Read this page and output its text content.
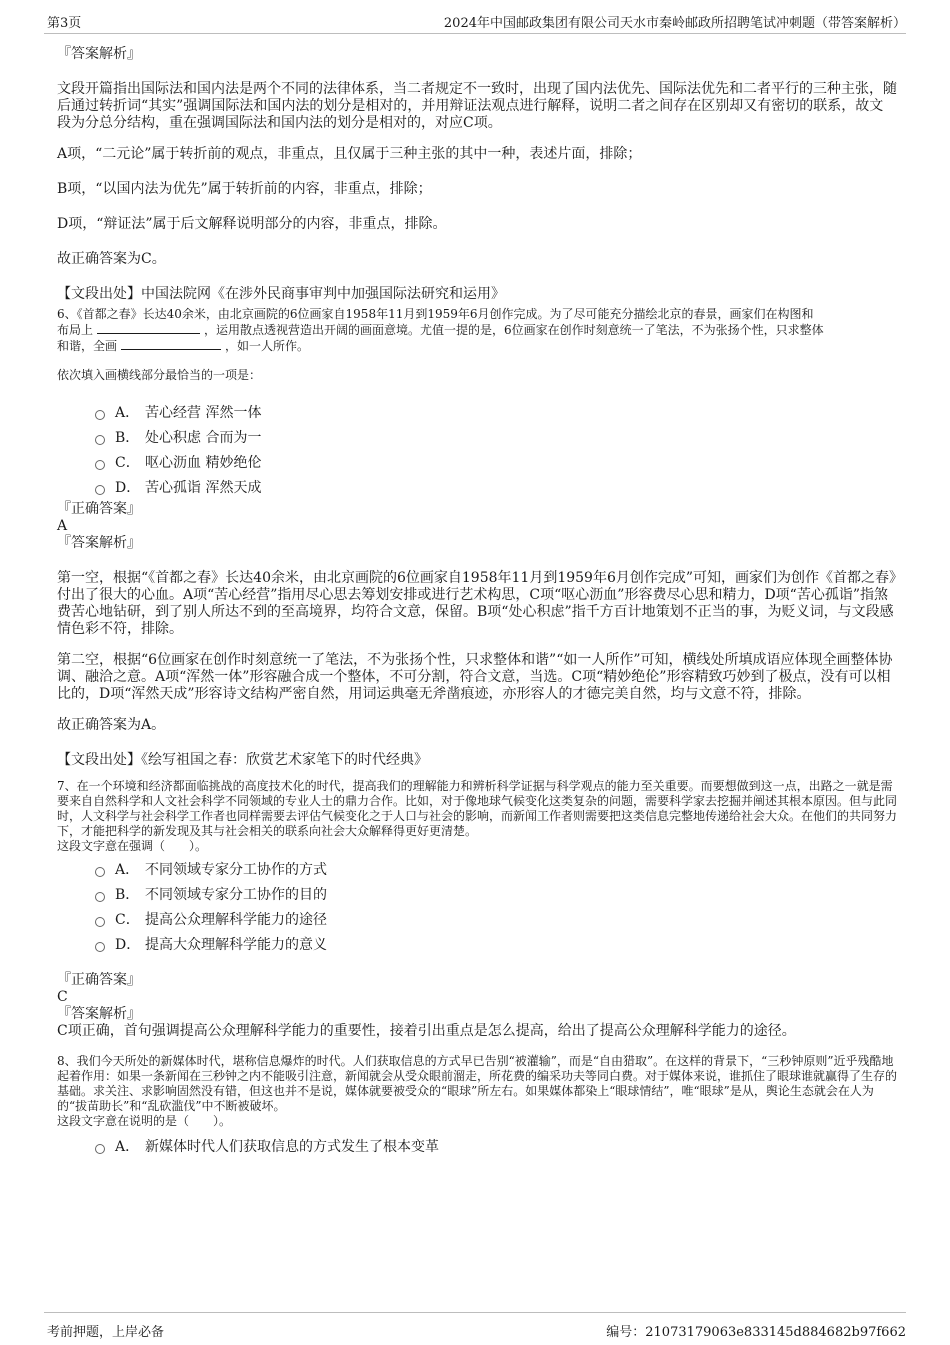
第3页	2024年中国邮政集团有限公司天水市秦岭邮政所招聘笔试冲刺题（带答案解析）

『答案解析』

文段开篇指出国际法和国内法是两个不同的法律体系，当二者规定不一致时，出现了国内法优先、国际法优先和二者平行的三种主张，随后通过转折词“其实”强调国际法和国内法的划分是相对的，并用辩证法观点进行解释，说明二者之间存在区别却又有密切的联系，故文段为分总分结构，重在强调国际法和国内法的划分是相对的，对应C项。

A项，“二元论”属于转折前的观点，非重点，且仅属于三种主张的其中一种，表述片面，排除；

B项，“以国内法为优先”属于转折前的内容，非重点，排除；

D项，“辩证法”属于后文解释说明部分的内容，非重点，排除。

故正确答案为C。

【文段出处】中国法院网《在涉外民商事审判中加强国际法研究和运用》

6、《首都之春》长达40余米，由北京画院的6位画家自1958年11月到1959年6月创作完成。为了尽可能充分描绘北京的春景，画家们在构图和
布局上	，运用散点透视营造出开阔的画面意境。尤值一提的是，6位画家在创作时刻意统一了笔法，不为张扬个性，只求整体
和谐，全画	，如一人所作。

依次填入画横线部分最恰当的一项是：

A． 苦心经营 浑然一体
B． 处心积虑 合而为一
C． 呕心沥血 精妙绝伦
D． 苦心孤诣 浑然天成

『正确答案』

A

『答案解析』

第一空，根据“《首都之春》长达40余米，由北京画院的6位画家自1958年11月到1959年6月创作完成”可知，画家们为创作《首都之春》付出了很大的心血。A项“苦心经营”指用尽心思去筹划安排或进行艺术构思，C项“呕心沥血”形容费尽心思和精力，D项“苦心孤诣”指煞费苦心地钻研，到了别人所达不到的至高境界，均符合文意，保留。B项“处心积虑”指千方百计地策划不正当的事，为贬义词，与文段感情色彩不符，排除。

第二空，根据“6位画家在创作时刻意统一了笔法，不为张扬个性，只求整体和谐”“如一人所作”可知，横线处所填成语应体现全画整体协调、融洽之意。A项“浑然一体”形容融合成一个整体，不可分割，符合文意，当选。C项“精妙绝伦”形容精致巧妙到了极点，没有可以相比的，D项“浑然天成”形容诗文结构严密自然，用词运典毫无斧凿痕迹，亦形容人的才德完美自然，均与文意不符，排除。

故正确答案为A。

【文段出处】《绘写祖国之春：欣赏艺术家笔下的时代经典》

7、在一个环境和经济都面临挑战的高度技术化的时代，提高我们的理解能力和辨析科学证据与科学观点的能力至关重要。而要想做到这一点，出路之一就是需要来自自然科学和人文社会科学不同领域的专业人士的鼎力合作。比如，对于像地球气候变化这类复杂的问题，需要科学家去挖掘并阐述其根本原因。但与此同时，人文科学与社会科学工作者也同样需要去评估气候变化之于人口与社会的影响，而新闻工作者则需要把这类信息完整地传递给社会大众。在他们的共同努力下，才能把科学的新发现及其与社会相关的联系向社会大众解释得更好更清楚。

这段文字意在强调（　　）。

A． 不同领域专家分工协作的方式
B． 不同领域专家分工协作的目的
C． 提高公众理解科学能力的途径
D． 提高大众理解科学能力的意义

『正确答案』

C

『答案解析』

C项正确，首句强调提高公众理解科学能力的重要性，接着引出重点是怎么提高，给出了提高公众理解科学能力的途径。

8、我们今天所处的新媒体时代，堪称信息爆炸的时代。人们获取信息的方式早已告别“被灌输”，而是“自由猎取”。在这样的背景下，“三秒钟原则”近乎残酷地起着作用：如果一条新闻在三秒钟之内不能吸引注意，新闻就会从受众眼前溜走，所花费的编采功夫等同白费。对于媒体来说，谁抓住了眼球谁就赢得了生存的基础。求关注、求影响固然没有错，但这也并不是说，媒体就要被受众的“眼球”所左右。如果媒体都染上“眼球情结”，唯“眼球”是从，舆论生态就会在人为的“拔苗助长”和“乱砍滥伐”中不断被破坏。

这段文字意在说明的是（　　）。

A． 新媒体时代人们获取信息的方式发生了根本变革
考前押题，上岸必备	编号：21073179063e833145d884682b97f662
